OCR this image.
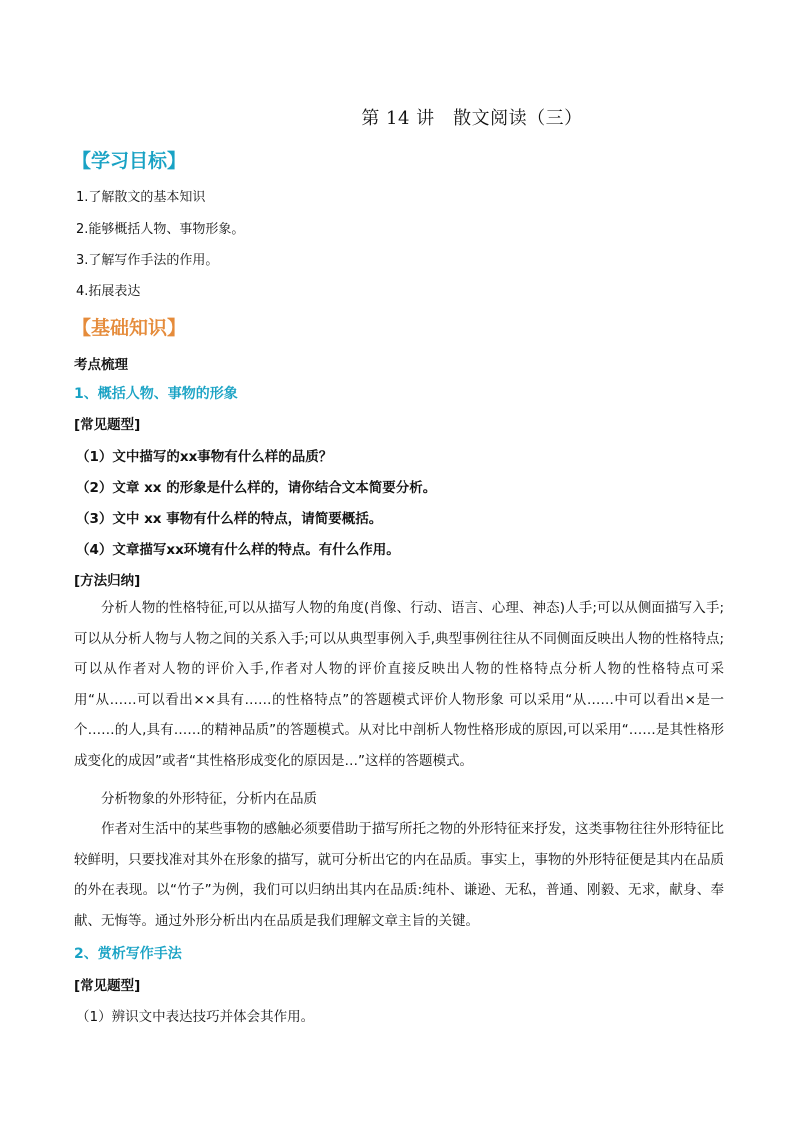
第 14 讲　散文阅读（三）
【学习目标】
1.了解散文的基本知识
2.能够概括人物、事物形象。
3.了解写作手法的作用。
4.拓展表达
【基础知识】
考点梳理
1、概括人物、事物的形象
[常见题型]
（1）文中描写的xx事物有什么样的品质？
（2）文章 xx 的形象是什么样的，请你结合文本简要分析。
（3）文中 xx 事物有什么样的特点，请简要概括。
（4）文章描写xx环境有什么样的特点。有什么作用。
[方法归纳]

分析人物的性格特征,可以从描写人物的角度(肖像、行动、语言、心理、神态)人手;可以从侧面描写入手;可以从分析人物与人物之间的关系入手;可以从典型事例入手,典型事例往往从不同侧面反映出人物的性格特点;可以从作者对人物的评价入手,作者对人物的评价直接反映出人物的性格特点分析人物的性格特点可采用“从……可以看出××具有……的性格特点”的答题模式评价人物形象 可以采用“从……中可以看出×是一个……的人,具有……的精神品质”的答题模式。从对比中剖析人物性格形成的原因,可以采用“……是其性格形成变化的成因”或者“其性格形成变化的原因是…”这样的答题模式。

分析物象的外形特征，分析内在品质

作者对生活中的某些事物的感触必须要借助于描写所托之物的外形特征来抒发，这类事物往往外形特征比较鲜明，只要找准对其外在形象的描写，就可分析出它的内在品质。事实上，事物的外形特征便是其内在品质的外在表现。以“竹子”为例，我们可以归纳出其内在品质:纯朴、谦逊、无私，普通、刚毅、无求，献身、奉献、无悔等。通过外形分析出内在品质是我们理解文章主旨的关键。

2、赏析写作手法
[常见题型]
（1）辨识文中表达技巧并体会其作用。
